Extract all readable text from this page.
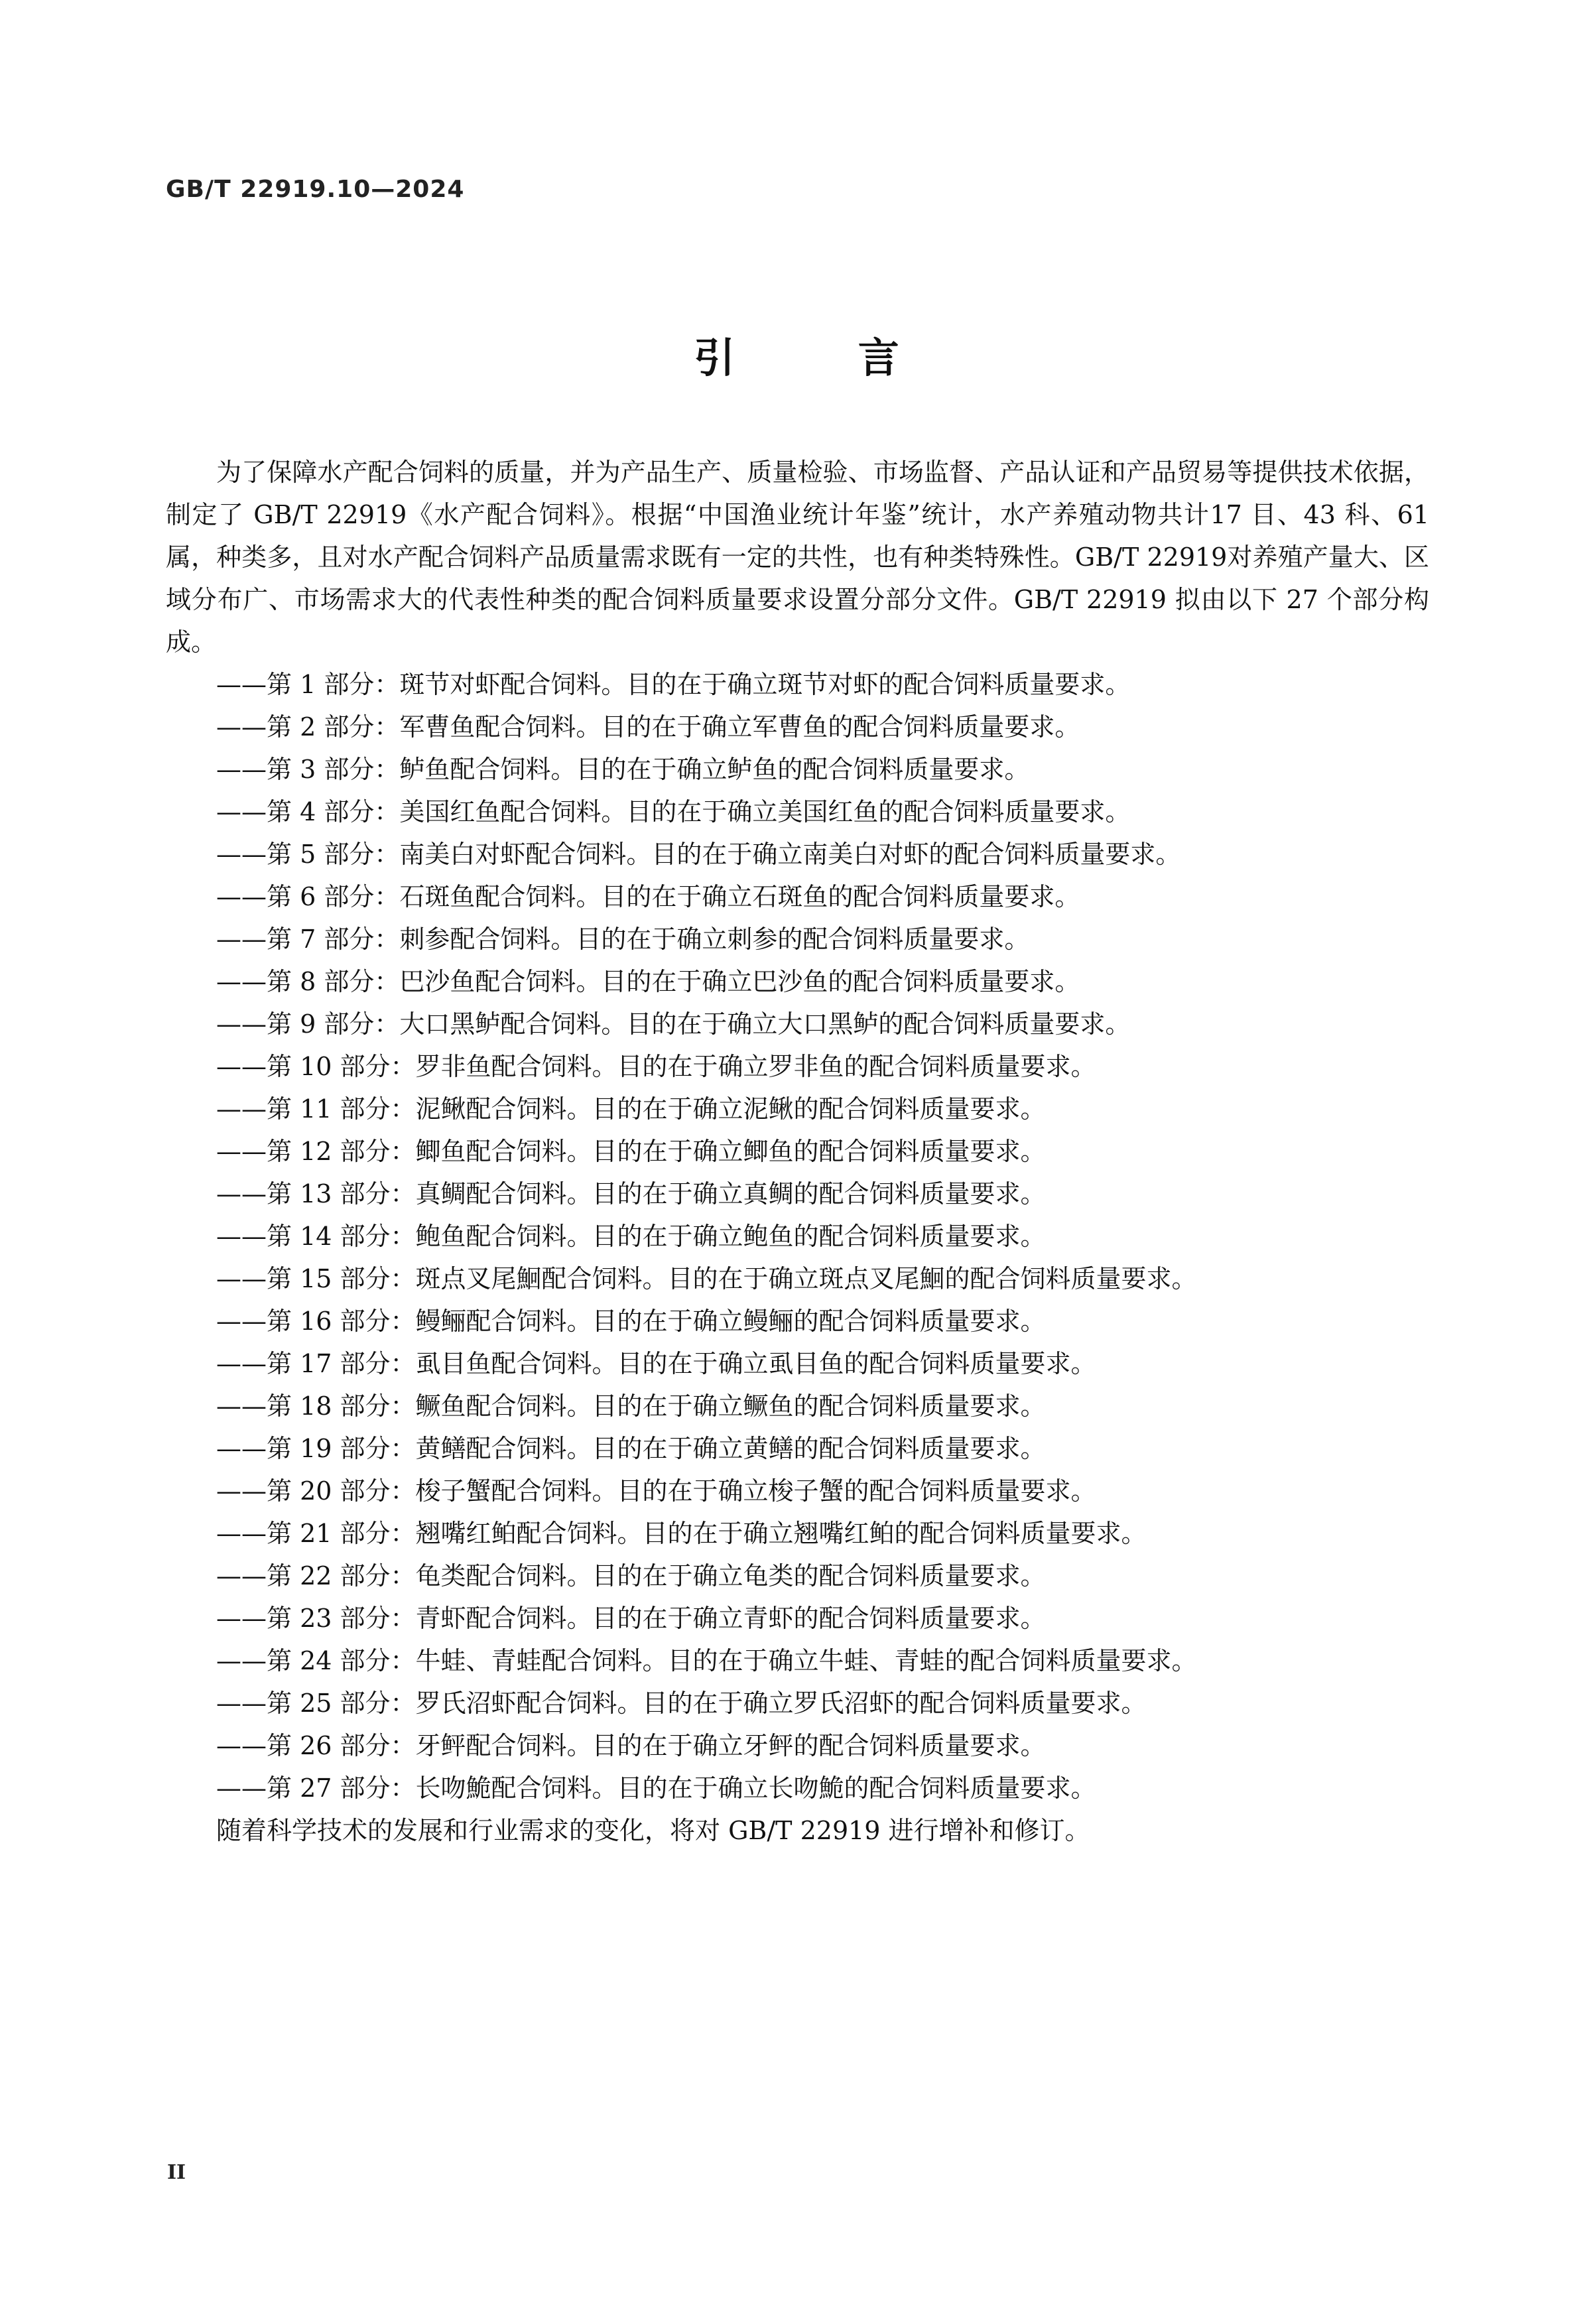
GB/T 22919.10—2024
引 言

为了保障水产配合饲料的质量，并为产品生产、质量检验、市场监督、产品认证和产品贸易等提供技术依据，制定了 GB/T 22919《水产配合饲料》。根据“中国渔业统计年鉴”统计，水产养殖动物共计17 目、43 科、61 属，种类多，且对水产配合饲料产品质量需求既有一定的共性，也有种类特殊性。GB/T 22919对养殖产量大、区域分布广、市场需求大的代表性种类的配合饲料质量要求设置分部分文件。GB/T 22919 拟由以下 27 个部分构成。

——第 1 部分：斑节对虾配合饲料。目的在于确立斑节对虾的配合饲料质量要求。
——第 2 部分：军曹鱼配合饲料。目的在于确立军曹鱼的配合饲料质量要求。
——第 3 部分：鲈鱼配合饲料。目的在于确立鲈鱼的配合饲料质量要求。
——第 4 部分：美国红鱼配合饲料。目的在于确立美国红鱼的配合饲料质量要求。
——第 5 部分：南美白对虾配合饲料。目的在于确立南美白对虾的配合饲料质量要求。
——第 6 部分：石斑鱼配合饲料。目的在于确立石斑鱼的配合饲料质量要求。
——第 7 部分：刺参配合饲料。目的在于确立刺参的配合饲料质量要求。
——第 8 部分：巴沙鱼配合饲料。目的在于确立巴沙鱼的配合饲料质量要求。
——第 9 部分：大口黑鲈配合饲料。目的在于确立大口黑鲈的配合饲料质量要求。
——第 10 部分：罗非鱼配合饲料。目的在于确立罗非鱼的配合饲料质量要求。
——第 11 部分：泥鳅配合饲料。目的在于确立泥鳅的配合饲料质量要求。
——第 12 部分：鲫鱼配合饲料。目的在于确立鲫鱼的配合饲料质量要求。
——第 13 部分：真鲷配合饲料。目的在于确立真鲷的配合饲料质量要求。
——第 14 部分：鲍鱼配合饲料。目的在于确立鲍鱼的配合饲料质量要求。
——第 15 部分：斑点叉尾鮰配合饲料。目的在于确立斑点叉尾鮰的配合饲料质量要求。
——第 16 部分：鳗鲡配合饲料。目的在于确立鳗鲡的配合饲料质量要求。
——第 17 部分：虱目鱼配合饲料。目的在于确立虱目鱼的配合饲料质量要求。
——第 18 部分：鳜鱼配合饲料。目的在于确立鳜鱼的配合饲料质量要求。
——第 19 部分：黄鳝配合饲料。目的在于确立黄鳝的配合饲料质量要求。
——第 20 部分：梭子蟹配合饲料。目的在于确立梭子蟹的配合饲料质量要求。
——第 21 部分：翘嘴红鲌配合饲料。目的在于确立翘嘴红鲌的配合饲料质量要求。
——第 22 部分：龟类配合饲料。目的在于确立龟类的配合饲料质量要求。
——第 23 部分：青虾配合饲料。目的在于确立青虾的配合饲料质量要求。
——第 24 部分：牛蛙、青蛙配合饲料。目的在于确立牛蛙、青蛙的配合饲料质量要求。
——第 25 部分：罗氏沼虾配合饲料。目的在于确立罗氏沼虾的配合饲料质量要求。
——第 26 部分：牙鲆配合饲料。目的在于确立牙鲆的配合饲料质量要求。
——第 27 部分：长吻鮠配合饲料。目的在于确立长吻鮠的配合饲料质量要求。

随着科学技术的发展和行业需求的变化，将对 GB/T 22919 进行增补和修订。

II
